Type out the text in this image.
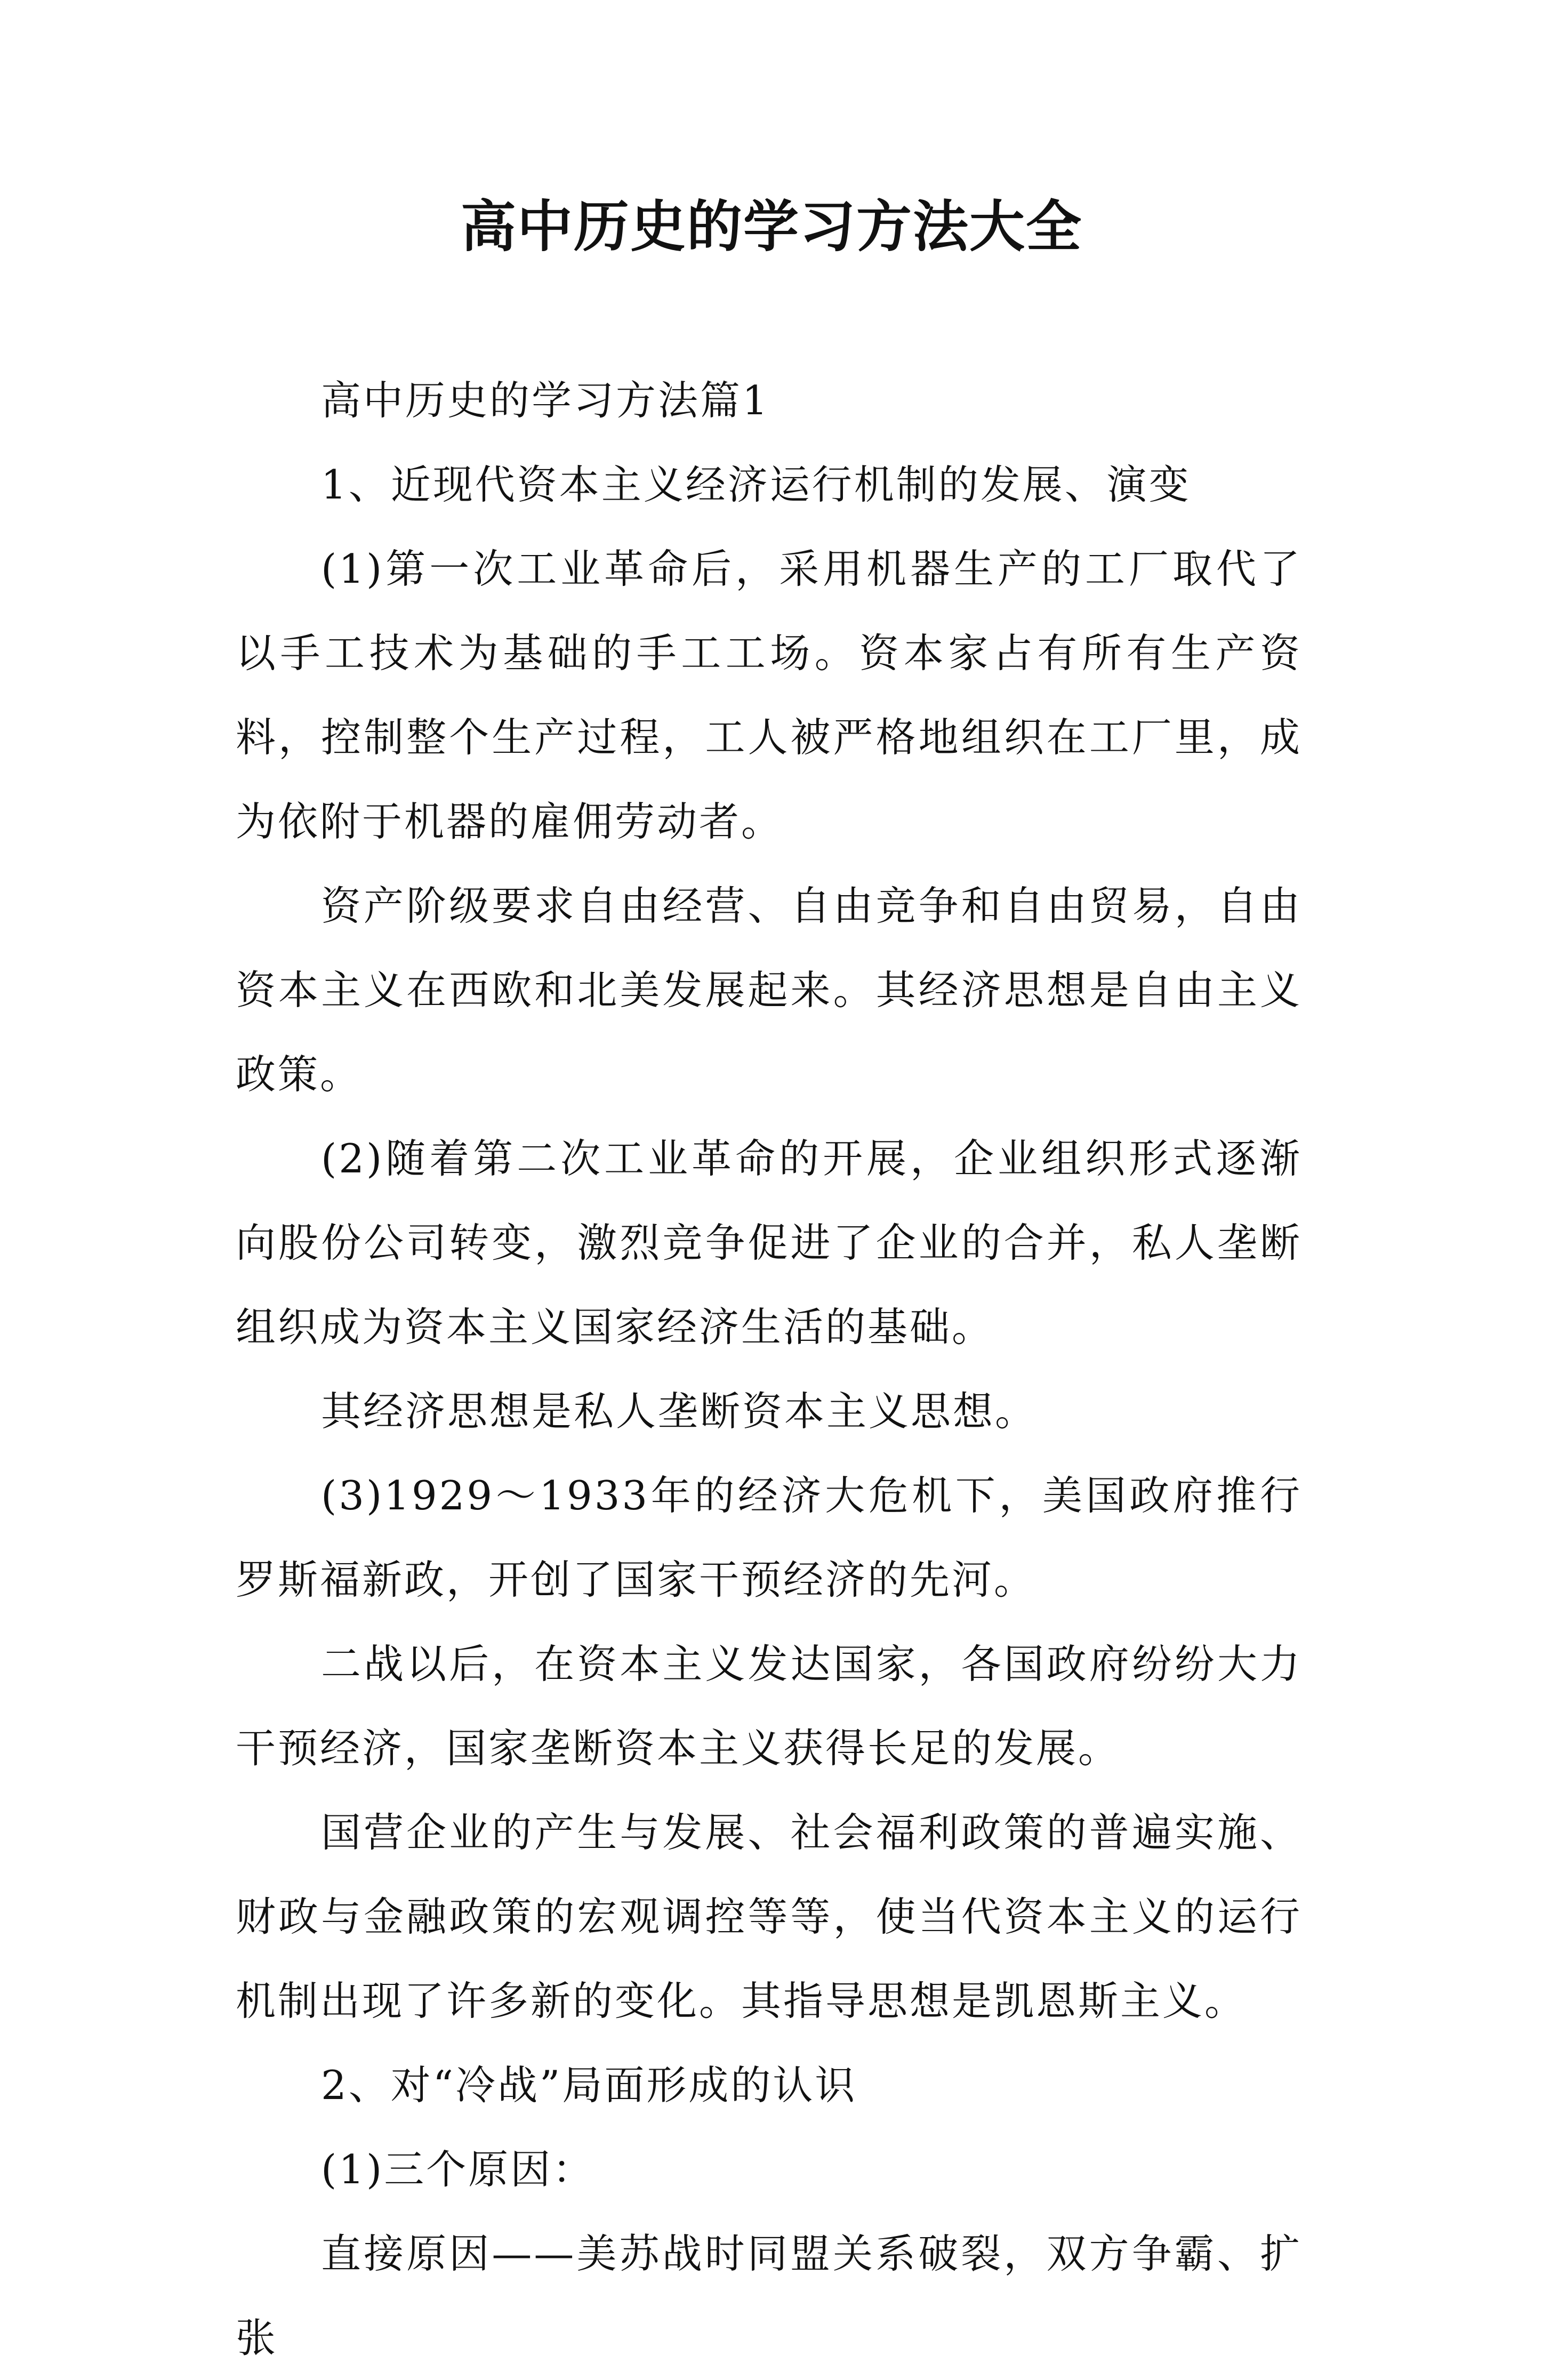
高中历史的学习方法大全

高中历史的学习方法篇1

1、近现代资本主义经济运行机制的发展、演变

(1)第一次工业革命后，采用机器生产的工厂取代了以手工技术为基础的手工工场。资本家占有所有生产资料，控制整个生产过程，工人被严格地组织在工厂里，成为依附于机器的雇佣劳动者。

资产阶级要求自由经营、自由竞争和自由贸易，自由资本主义在西欧和北美发展起来。其经济思想是自由主义政策。

(2)随着第二次工业革命的开展，企业组织形式逐渐向股份公司转变，激烈竞争促进了企业的合并，私人垄断组织成为资本主义国家经济生活的基础。

其经济思想是私人垄断资本主义思想。

(3)1929～1933年的经济大危机下，美国政府推行罗斯福新政，开创了国家干预经济的先河。

二战以后，在资本主义发达国家，各国政府纷纷大力干预经济，国家垄断资本主义获得长足的发展。

国营企业的产生与发展、社会福利政策的普遍实施、财政与金融政策的宏观调控等等，使当代资本主义的运行机制出现了许多新的变化。其指导思想是凯恩斯主义。

2、对“冷战”局面形成的认识

(1)三个原因：

直接原因——美苏战时同盟关系破裂，双方争霸、扩张
